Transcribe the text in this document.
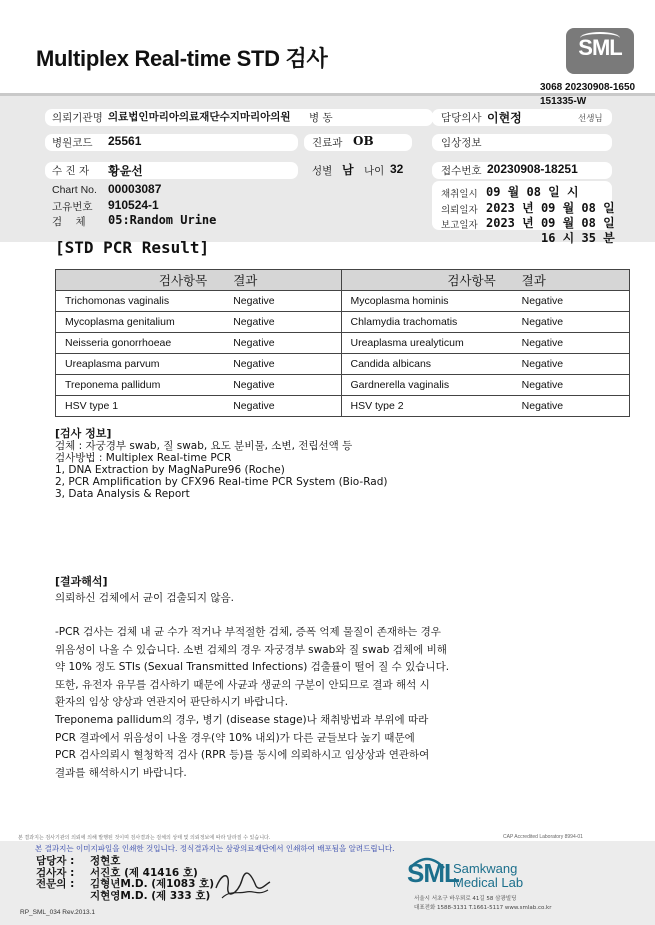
Multiplex Real-time STD 검사	SML
3068 20230908-1650
151335-W
의뢰기관명 의료법인마리아의료재단수지마리아의원 병 동	담당의사 이현정	선생님
병원코드 25561	진료과 OB	임상정보
수 진 자 황윤선	성별 남 나이 32	접수번호 20230908-18251
Chart No. 00003087
고유번호 910524-1
검    체 05:Random Urine
채취일시 09 월 08 일 시
의뢰일자 2023 년 09 월 08 일
보고일자 2023 년 09 월 08 일
16 시 35 분
[STD PCR Result]
검사항목	결과	검사항목	결과
Trichomonas vaginalis	Negative	Mycoplasma hominis	Negative
Mycoplasma genitalium	Negative	Chlamydia trachomatis	Negative
Neisseria gonorrhoeae	Negative	Ureaplasma urealyticum	Negative
Ureaplasma parvum	Negative	Candida albicans	Negative
Treponema pallidum	Negative	Gardnerella vaginalis	Negative
HSV type 1	Negative	HSV type 2	Negative
[검사 정보]
검체 : 자궁경부 swab, 질 swab, 요도 분비물, 소변, 전립선액 등
검사방법 : Multiplex Real-time PCR
1, DNA Extraction by MagNaPure96 (Roche)
2, PCR Amplification by CFX96 Real-time PCR System (Bio-Rad)
3, Data Analysis & Report
[결과해석]
의뢰하신 검체에서 균이 검출되지 않음.
-PCR 검사는 검체 내 균 수가 적거나 부적절한 검체, 증폭 억제 물질이 존재하는 경우
위음성이 나올 수 있습니다. 소변 검체의 경우 자궁경부 swab와 질 swab 검체에 비해
약 10% 정도 STIs (Sexual Transmitted Infections) 검출률이 떨어 질 수 있습니다.
또한, 유전자 유무를 검사하기 때문에 사균과 생균의 구분이 안되므로 결과 해석 시
환자의 임상 양상과 연관지어 판단하시기 바랍니다.
Treponema pallidum의 경우, 병기 (disease stage)나 채취방법과 부위에 따라
PCR 결과에서 위음성이 나올 경우(약 10% 내외)가 다른 균들보다 높기 때문에
PCR 검사의뢰시 혈청학적 검사 (RPR 등)를 동시에 의뢰하시고 임상상과 연관하여
결과를 해석하시기 바랍니다.
본 결과지는 검사기관의 의뢰에 의해 발행된 것이며 검사결과는 검체의 상태 및 의뢰정보에 따라 달라질 수 있습니다.	CAP Accredited Laboratory 8994-01
본 결과지는 이미지파일을 인쇄한 것입니다. 정식결과지는 삼광의료재단에서 인쇄하여 배포됨을 알려드립니다.
담당자 : 정현호
검사자 : 서진호 (제 41416 호)
전문의 : 김형년M.D. (제1083 호)
지현영M.D. (제 333 호)
SML
Samkwang
Medical Lab
서울시 서초구 바우뫼로 41길 58 삼광빌딩
대표전화 1588-3131 T.1661-5117 www.smlab.co.kr
RP_SML_034 Rev.2013.1
